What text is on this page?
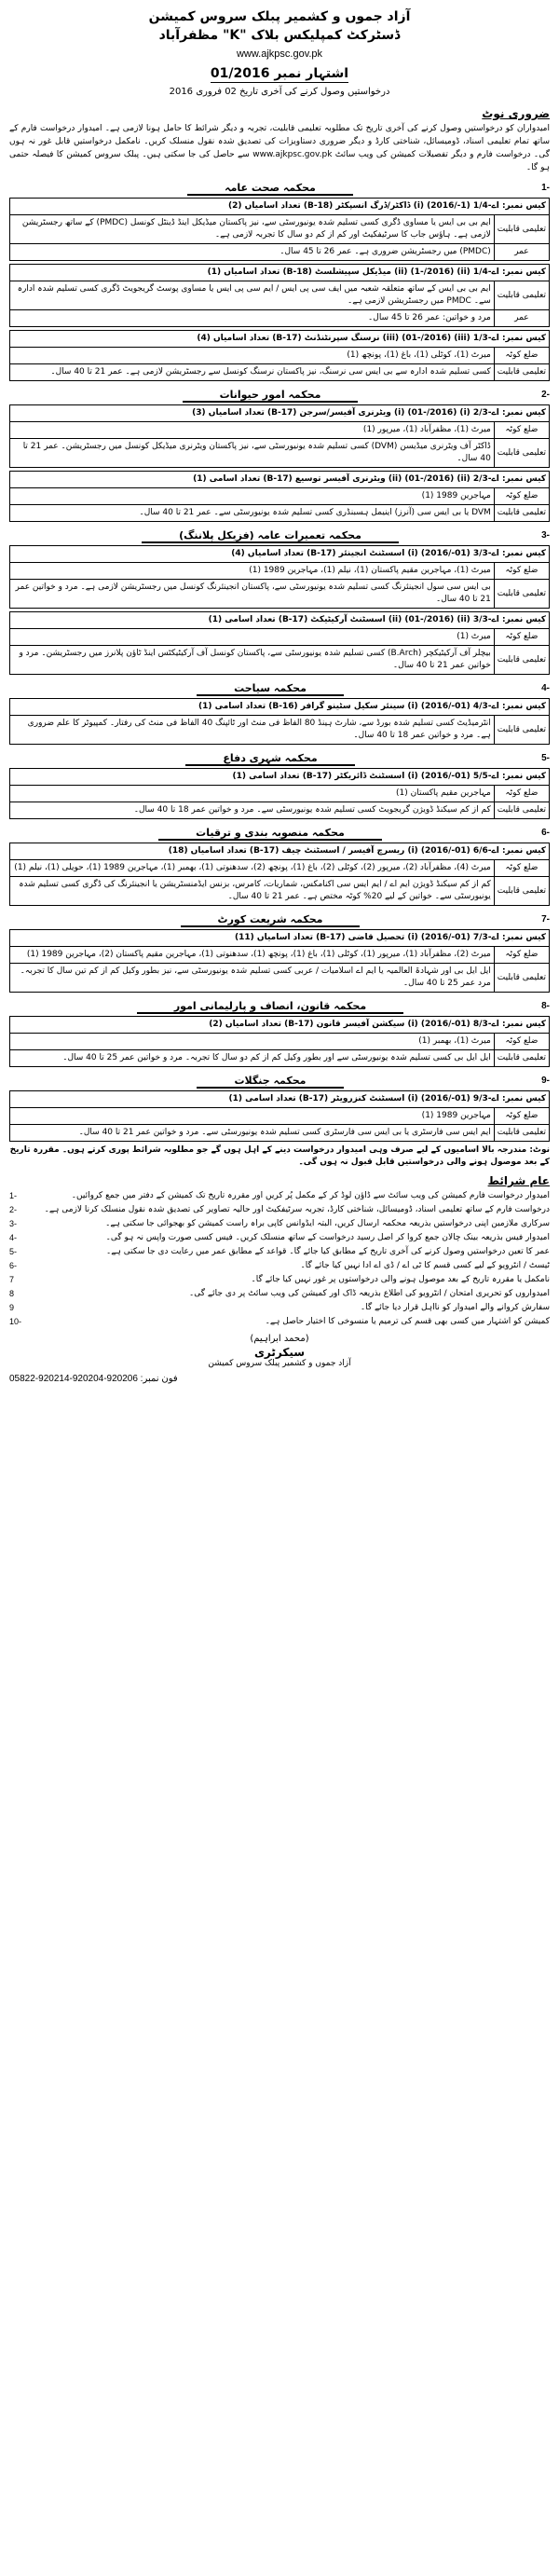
آزاد جموں و کشمیر پبلک سروس کمیشن
ڈسٹرکٹ کمپلیکس بلاک "K" مظفرآباد
www.ajkpsc.gov.pk
اشتہار نمبر 01/2016
درخواستیں وصول کرنے کی آخری تاریخ 02 فروری 2016
ضروری نوٹ
امیدواران کو درخواستیں وصول کرنے کی آخری تاریخ تک مطلوبہ تعلیمی قابلیت، تجربہ و دیگر شرائط کا حامل ہونا لازمی ہے۔ امیدوار درخواست فارم کے ساتھ تمام تعلیمی اسناد، ڈومیسائل، شناختی کارڈ و دیگر ضروری دستاویزات کی تصدیق شدہ نقول منسلک کریں۔ نامکمل درخواستیں قابل غور نہ ہوں گی۔ درخواست فارم و دیگر تفصیلات کمیشن کی ویب سائٹ www.ajkpsc.gov.pk سے حاصل کی جا سکتی ہیں۔ پبلک سروس کمیشن کا فیصلہ حتمی ہو گا۔
-1
محکمہ صحت عامہ
کیس نمبر: اے-1/4 (1-/2016) (i) ڈاکٹر/ڈرگ انسپکٹر (B-18) تعداد اسامیاں (2)	
تعلیمی قابلیت	ایم بی بی ایس یا مساوی ڈگری کسی تسلیم شدہ یونیورسٹی سے، نیز پاکستان میڈیکل اینڈ ڈینٹل کونسل (PMDC) کے ساتھ رجسٹریشن لازمی ہے۔ ہاؤس جاب کا سرٹیفکیٹ اور کم از کم دو سال کا تجربہ لازمی ہے۔
عمر	(PMDC) میں رجسٹریشن ضروری ہے۔ عمر 26 تا 45 سال۔
کیس نمبر: اے-1/4 (ii) (1-/2016) (ii) میڈیکل سپیشلسٹ (B-18) تعداد اسامیاں (1)	
تعلیمی قابلیت	ایم بی بی ایس کے ساتھ متعلقہ شعبہ میں ایف سی پی ایس / ایم سی پی ایس یا مساوی پوسٹ گریجویٹ ڈگری کسی تسلیم شدہ ادارہ سے۔ PMDC میں رجسٹریشن لازمی ہے۔
عمر	مرد و خواتین: عمر 26 تا 45 سال۔
کیس نمبر: اے-1/3 (iii) (01-/2016) (iii) نرسنگ سپرنٹنڈنٹ (B-17) تعداد اسامیاں (4)	
ضلع کوٹہ	میرٹ (1)، کوٹلی (1)، باغ (1)، پونچھ (1)
تعلیمی قابلیت	کسی تسلیم شدہ ادارہ سے بی ایس سی نرسنگ، نیز پاکستان نرسنگ کونسل سے رجسٹریشن لازمی ہے۔ عمر 21 تا 40 سال۔
-2
محکمہ امور حیوانات
کیس نمبر: اے-2/3 (i) (01-/2016) (i) ویٹرنری آفیسر/سرجن (B-17) تعداد اسامیاں (3)	
ضلع کوٹہ	میرٹ (1)، مظفرآباد (1)، میرپور (1)
تعلیمی قابلیت	ڈاکٹر آف ویٹرنری میڈیسن (DVM) کسی تسلیم شدہ یونیورسٹی سے، نیز پاکستان ویٹرنری میڈیکل کونسل میں رجسٹریشن۔ عمر 21 تا 40 سال۔
کیس نمبر: اے-2/3 (ii) (01-/2016) (ii) ویٹرنری آفیسر توسیع (B-17) تعداد اسامی (1)	
ضلع کوٹہ	مہاجرین 1989 (1)
تعلیمی قابلیت	DVM یا بی ایس سی (آنرز) اینیمل ہسبنڈری کسی تسلیم شدہ یونیورسٹی سے۔ عمر 21 تا 40 سال۔
-3
محکمہ تعمیرات عامہ (فزیکل پلاننگ)
کیس نمبر: اے-3/3 (01-/2016) (i) اسسٹنٹ انجینئر (B-17) تعداد اسامیاں (4)	
ضلع کوٹہ	میرٹ (1)، مہاجرین مقیم پاکستان (1)، نیلم (1)، مہاجرین 1989 (1)
تعلیمی قابلیت	بی ایس سی سول انجینئرنگ کسی تسلیم شدہ یونیورسٹی سے، پاکستان انجینئرنگ کونسل میں رجسٹریشن لازمی ہے۔ مرد و خواتین عمر 21 تا 40 سال۔
کیس نمبر: اے-3/3 (ii) (01-/2016) (ii) اسسٹنٹ آرکیٹیکٹ (B-17) تعداد اسامی (1)	
ضلع کوٹہ	میرٹ (1)
تعلیمی قابلیت	بیچلر آف آرکیٹیکچر (B.Arch) کسی تسلیم شدہ یونیورسٹی سے، پاکستان کونسل آف آرکیٹیکٹس اینڈ ٹاؤن پلانرز میں رجسٹریشن۔ مرد و خواتین عمر 21 تا 40 سال۔
-4
محکمہ سیاحت
کیس نمبر: اے-4/3 (01-/2016) (i) سینئر سکیل سٹینو گرافر (B-16) تعداد اسامی (1)
تعلیمی قابلیت	انٹرمیڈیٹ کسی تسلیم شدہ بورڈ سے، شارٹ ہینڈ 80 الفاظ فی منٹ اور ٹائپنگ 40 الفاظ فی منٹ کی رفتار۔ کمپیوٹر کا علم ضروری ہے۔ مرد و خواتین عمر 18 تا 40 سال۔
-5
محکمہ شہری دفاع
کیس نمبر: اے-5/5 (01-/2016) (i) اسسٹنٹ ڈائریکٹر (B-17) تعداد اسامی (1)	
ضلع کوٹہ	مہاجرین مقیم پاکستان (1)
تعلیمی قابلیت	کم از کم سیکنڈ ڈویژن گریجویٹ کسی تسلیم شدہ یونیورسٹی سے۔ مرد و خواتین عمر 18 تا 40 سال۔
-6
محکمہ منصوبہ بندی و ترقیات
کیس نمبر: اے-6/6 (01-/2016) (i) ریسرچ آفیسر / اسسٹنٹ چیف (B-17) تعداد اسامیاں (18)	
ضلع کوٹہ	میرٹ (4)، مظفرآباد (2)، میرپور (2)، کوٹلی (2)، باغ (1)، پونچھ (2)، سدھنوتی (1)، بھمبر (1)، مہاجرین 1989 (1)، حویلی (1)، نیلم (1)
تعلیمی قابلیت	کم از کم سیکنڈ ڈویژن ایم اے / ایم ایس سی اکنامکس، شماریات، کامرس، بزنس ایڈمنسٹریشن یا انجینئرنگ کی ڈگری کسی تسلیم شدہ یونیورسٹی سے۔ خواتین کے لیے 20% کوٹہ مختص ہے۔ عمر 21 تا 40 سال۔
-7
محکمہ شریعت کورٹ
کیس نمبر: اے-7/3 (01-/2016) (i) تحصیل قاضی (B-17) تعداد اسامیاں (11)	
ضلع کوٹہ	میرٹ (2)، مظفرآباد (1)، میرپور (1)، کوٹلی (1)، باغ (1)، پونچھ (1)، سدھنوتی (1)، مہاجرین مقیم پاکستان (2)، مہاجرین 1989 (1)
تعلیمی قابلیت	ایل ایل بی اور شہادۃ العالمیہ یا ایم اے اسلامیات / عربی کسی تسلیم شدہ یونیورسٹی سے، نیز بطور وکیل کم از کم تین سال کا تجربہ۔ مرد عمر 25 تا 40 سال۔
-8
محکمہ قانون، انصاف و پارلیمانی امور
کیس نمبر: اے-8/3 (01-/2016) (i) سیکشن آفیسر قانون (B-17) تعداد اسامیاں (2)	
ضلع کوٹہ	میرٹ (1)، بھمبر (1)
تعلیمی قابلیت	ایل ایل بی کسی تسلیم شدہ یونیورسٹی سے اور بطور وکیل کم از کم دو سال کا تجربہ۔ مرد و خواتین عمر 25 تا 40 سال۔
-9
محکمہ جنگلات
کیس نمبر: اے-9/3 (01-/2016) (i) اسسٹنٹ کنزرویٹر (B-17) تعداد اسامی (1)	
ضلع کوٹہ	مہاجرین 1989 (1)
تعلیمی قابلیت	ایم ایس سی فارسٹری یا بی ایس سی فارسٹری کسی تسلیم شدہ یونیورسٹی سے۔ مرد و خواتین عمر 21 تا 40 سال۔
نوٹ: مندرجہ بالا اسامیوں کے لیے صرف وہی امیدوار درخواست دینے کے اہل ہوں گے جو مطلوبہ شرائط پوری کرتے ہوں۔ مقررہ تاریخ کے بعد موصول ہونے والی درخواستیں قابل قبول نہ ہوں گی۔
عام شرائط
امیدوار درخواست فارم کمیشن کی ویب سائٹ سے ڈاؤن لوڈ کر کے مکمل پُر کریں اور مقررہ تاریخ تک کمیشن کے دفتر میں جمع کروائیں۔
-1
درخواست فارم کے ساتھ تعلیمی اسناد، ڈومیسائل، شناختی کارڈ، تجربہ سرٹیفکیٹ اور حالیہ تصاویر کی تصدیق شدہ نقول منسلک کرنا لازمی ہے۔
-2
سرکاری ملازمین اپنی درخواستیں بذریعہ محکمہ ارسال کریں، البتہ ایڈوانس کاپی براہ راست کمیشن کو بھجوائی جا سکتی ہے۔
-3
امیدوار فیس بذریعہ بینک چالان جمع کروا کر اصل رسید درخواست کے ساتھ منسلک کریں۔ فیس کسی صورت واپس نہ ہو گی۔
-4
عمر کا تعین درخواستیں وصول کرنے کی آخری تاریخ کے مطابق کیا جائے گا۔ قواعد کے مطابق عمر میں رعایت دی جا سکتی ہے۔
-5
ٹیسٹ / انٹرویو کے لیے کسی قسم کا ٹی اے / ڈی اے ادا نہیں کیا جائے گا۔
-6
نامکمل یا مقررہ تاریخ کے بعد موصول ہونے والی درخواستوں پر غور نہیں کیا جائے گا۔
7
امیدواروں کو تحریری امتحان / انٹرویو کی اطلاع بذریعہ ڈاک اور کمیشن کی ویب سائٹ پر دی جائے گی۔
8
سفارش کروانے والے امیدوار کو نااہل قرار دیا جائے گا۔
9
کمیشن کو اشتہار میں کسی بھی قسم کی ترمیم یا منسوخی کا اختیار حاصل ہے۔
-10
(محمد ابراہیم)
سیکرٹری
آزاد جموں و کشمیر پبلک سروس کمیشن
05822-920214-920204-920206 :فون نمبر
